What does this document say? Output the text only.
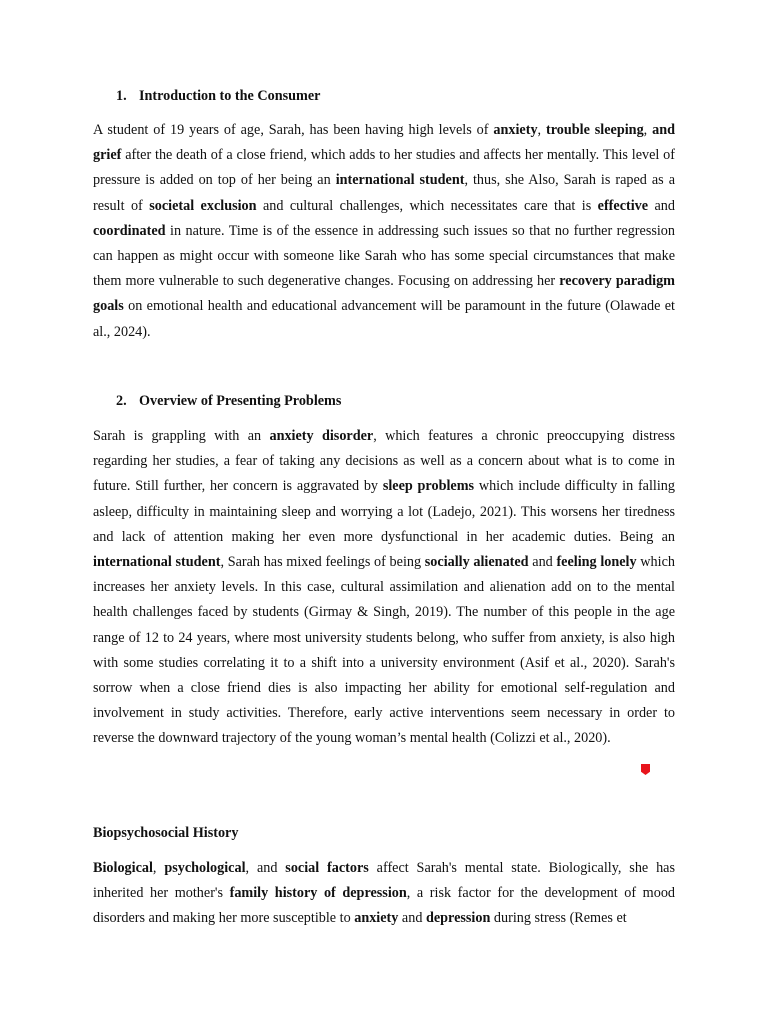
1. Introduction to the Consumer

A student of 19 years of age, Sarah, has been having high levels of anxiety, trouble sleeping, and grief after the death of a close friend, which adds to her studies and affects her mentally. This level of pressure is added on top of her being an international student, thus, she Also, Sarah is raped as a result of societal exclusion and cultural challenges, which necessitates care that is effective and coordinated in nature. Time is of the essence in addressing such issues so that no further regression can happen as might occur with someone like Sarah who has some special circumstances that make them more vulnerable to such degenerative changes. Focusing on addressing her recovery paradigm goals on emotional health and educational advancement will be paramount in the future (Olawade et al., 2024).

2. Overview of Presenting Problems

Sarah is grappling with an anxiety disorder, which features a chronic preoccupying distress regarding her studies, a fear of taking any decisions as well as a concern about what is to come in future. Still further, her concern is aggravated by sleep problems which include difficulty in falling asleep, difficulty in maintaining sleep and worrying a lot (Ladejo, 2021). This worsens her tiredness and lack of attention making her even more dysfunctional in her academic duties. Being an international student, Sarah has mixed feelings of being socially alienated and feeling lonely which increases her anxiety levels. In this case, cultural assimilation and alienation add on to the mental health challenges faced by students (Girmay & Singh, 2019). The number of this people in the age range of 12 to 24 years, where most university students belong, who suffer from anxiety, is also high with some studies correlating it to a shift into a university environment (Asif et al., 2020). Sarah's sorrow when a close friend dies is also impacting her ability for emotional self-regulation and involvement in study activities. Therefore, early active interventions seem necessary in order to reverse the downward trajectory of the young woman’s mental health (Colizzi et al., 2020).

Biopsychosocial History

Biological, psychological, and social factors affect Sarah's mental state. Biologically, she has inherited her mother's family history of depression, a risk factor for the development of mood disorders and making her more susceptible to anxiety and depression during stress (Remes et
